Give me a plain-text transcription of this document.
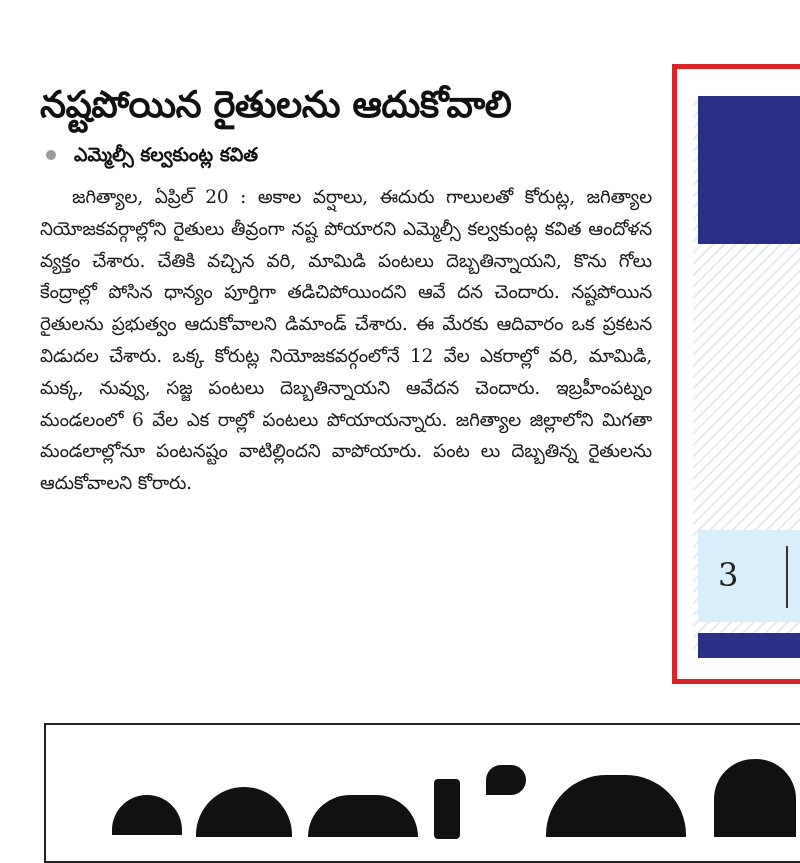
నష్టపోయిన రైతులను ఆదుకోవాలి
ఎమ్మెల్సీ కల్వకుంట్ల కవిత

జగిత్యాల, ఏప్రిల్ 20 : అకాల వర్షాలు, ఈదురు గాలులతో కోరుట్ల, జగిత్యాల నియోజకవర్గాల్లోని రైతులు తీవ్రంగా నష్ట పోయారని ఎమ్మెల్సీ కల్వకుంట్ల కవిత ఆందోళన వ్యక్తం చేశారు. చేతికి వచ్చిన వరి, మామిడి పంటలు దెబ్బతిన్నాయని, కొను గోలు కేంద్రాల్లో పోసిన ధాన్యం పూర్తిగా తడిచిపోయిందని ఆవే దన చెందారు. నష్టపోయిన రైతులను ప్రభుత్వం ఆదుకోవాలని డిమాండ్ చేశారు. ఈ మేరకు ఆదివారం ఒక ప్రకటన విడుదల చేశారు. ఒక్క కోరుట్ల నియోజకవర్గంలోనే 12 వేల ఎకరాల్లో వరి, మామిడి, మక్క, నువ్వు, సజ్జ పంటలు దెబ్బతిన్నాయని ఆవేదన చెందారు. ఇబ్రహీంపట్నం మండలంలో 6 వేల ఎక రాల్లో పంటలు పోయాయన్నారు. జగిత్యాల జిల్లాలోని మిగతా మండలాల్లోనూ పంటనష్టం వాటిల్లిందని వాపోయారు. పంట లు దెబ్బతిన్న రైతులను ఆదుకోవాలని కోరారు.

3
